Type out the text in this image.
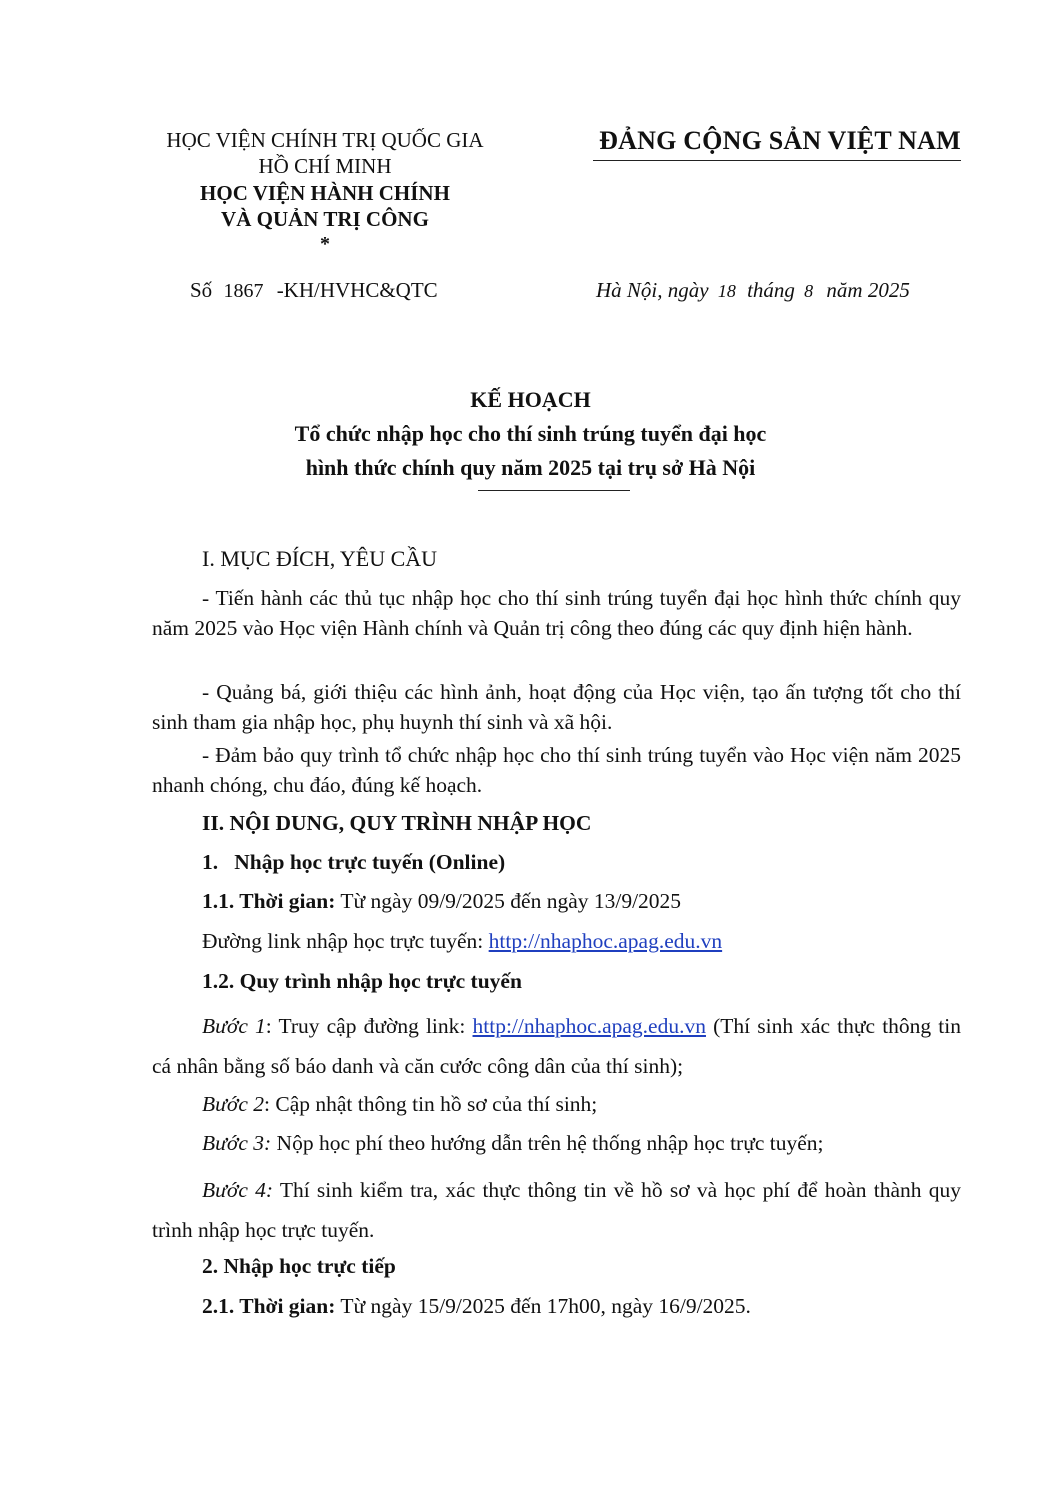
HỌC VIỆN CHÍNH TRỊ QUỐC GIA
HỒ CHÍ MINH
HỌC VIỆN HÀNH CHÍNH
VÀ QUẢN TRỊ CÔNG
*
ĐẢNG CỘNG SẢN VIỆT NAM
Số 1867 -KH/HVHC&QTC	Hà Nội, ngày 18 tháng 8 năm 2025
KẾ HOẠCH
Tổ chức nhập học cho thí sinh trúng tuyển đại học
hình thức chính quy năm 2025 tại trụ sở Hà Nội
I. MỤC ĐÍCH, YÊU CẦU
- Tiến hành các thủ tục nhập học cho thí sinh trúng tuyển đại học hình thức chính quy năm 2025 vào Học viện Hành chính và Quản trị công theo đúng các quy định hiện hành.
- Quảng bá, giới thiệu các hình ảnh, hoạt động của Học viện, tạo ấn tượng tốt cho thí sinh tham gia nhập học, phụ huynh thí sinh và xã hội.
- Đảm bảo quy trình tổ chức nhập học cho thí sinh trúng tuyển vào Học viện năm 2025 nhanh chóng, chu đáo, đúng kế hoạch.
II. NỘI DUNG, QUY TRÌNH NHẬP HỌC
1.   Nhập học trực tuyến (Online)
1.1. Thời gian: Từ ngày 09/9/2025 đến ngày 13/9/2025
Đường link nhập học trực tuyến: http://nhaphoc.apag.edu.vn
1.2. Quy trình nhập học trực tuyến
Bước 1: Truy cập đường link: http://nhaphoc.apag.edu.vn (Thí sinh xác thực thông tin cá nhân bằng số báo danh và căn cước công dân của thí sinh);
Bước 2: Cập nhật thông tin hồ sơ của thí sinh;
Bước 3: Nộp học phí theo hướng dẫn trên hệ thống nhập học trực tuyến;
Bước 4: Thí sinh kiểm tra, xác thực thông tin về hồ sơ và học phí để hoàn thành quy trình nhập học trực tuyến.
2. Nhập học trực tiếp
2.1. Thời gian: Từ ngày 15/9/2025 đến 17h00, ngày 16/9/2025.
